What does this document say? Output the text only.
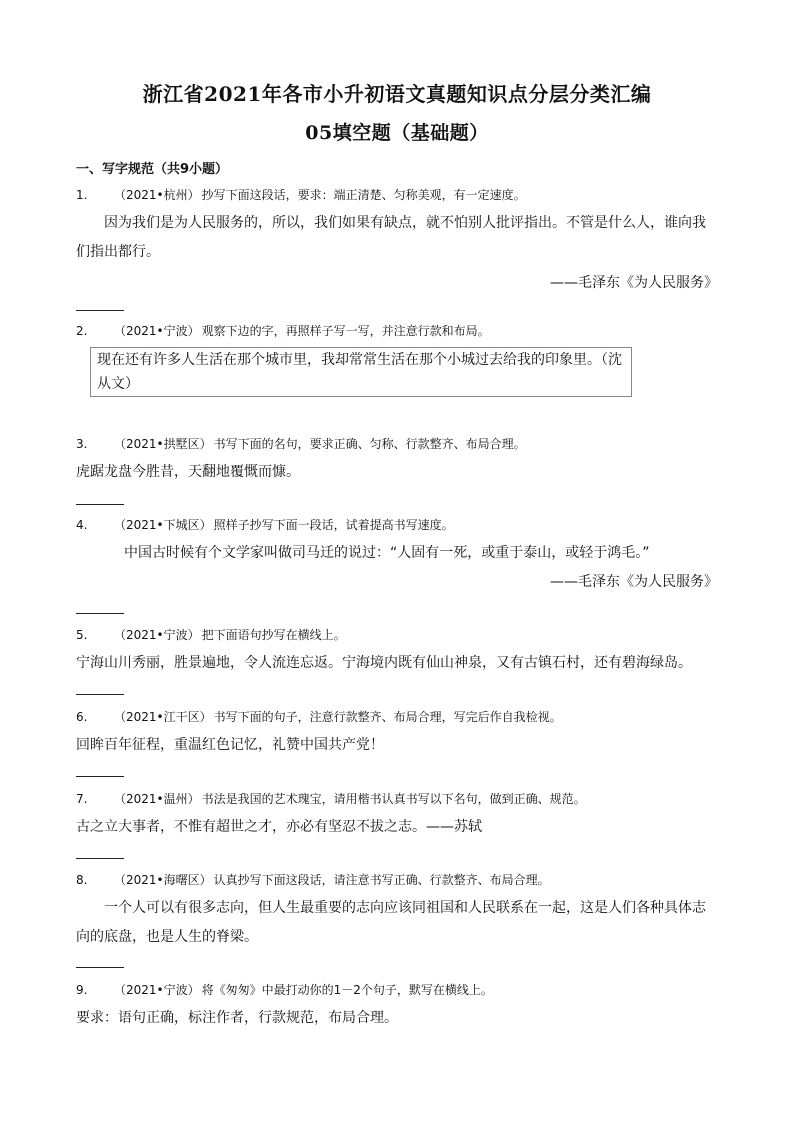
浙江省2021年各市小升初语文真题知识点分层分类汇编
05填空题（基础题）
一、写字规范（共9小题）
1. （2021•杭州） 抄写下面这段话，要求：端正清楚、匀称美观，有一定速度。
因为我们是为人民服务的，所以，我们如果有缺点，就不怕别人批评指出。不管是什么人，谁向我们指出都行。
——毛泽东《为人民服务》
2. （2021•宁波） 观察下边的字，再照样子写一写，并注意行款和布局。
现在还有许多人生活在那个城市里，我却常常生活在那个小城过去给我的印象里。（沈从文）
3. （2021•拱墅区） 书写下面的名句，要求正确、匀称、行款整齐、布局合理。
虎踞龙盘今胜昔，天翻地覆慨而慷。
4. （2021•下城区） 照样子抄写下面一段话，试着提高书写速度。
中国古时候有个文学家叫做司马迁的说过：“人固有一死，或重于泰山，或轻于鸿毛。”
——毛泽东《为人民服务》
5. （2021•宁波） 把下面语句抄写在横线上。
宁海山川秀丽，胜景遍地，令人流连忘返。宁海境内既有仙山神泉，又有古镇石村，还有碧海绿岛。
6. （2021•江干区） 书写下面的句子，注意行款整齐、布局合理，写完后作自我检视。
回眸百年征程，重温红色记忆，礼赞中国共产党！
7. （2021•温州） 书法是我国的艺术瑰宝，请用楷书认真书写以下名句，做到正确、规范。
古之立大事者，不惟有超世之才，亦必有坚忍不拔之志。——苏轼
8. （2021•海曙区） 认真抄写下面这段话，请注意书写正确、行款整齐、布局合理。
一个人可以有很多志向，但人生最重要的志向应该同祖国和人民联系在一起，这是人们各种具体志向的底盘，也是人生的脊梁。
9. （2021•宁波） 将《匆匆》中最打动你的1－2个句子，默写在横线上。
要求：语句正确，标注作者，行款规范，布局合理。
